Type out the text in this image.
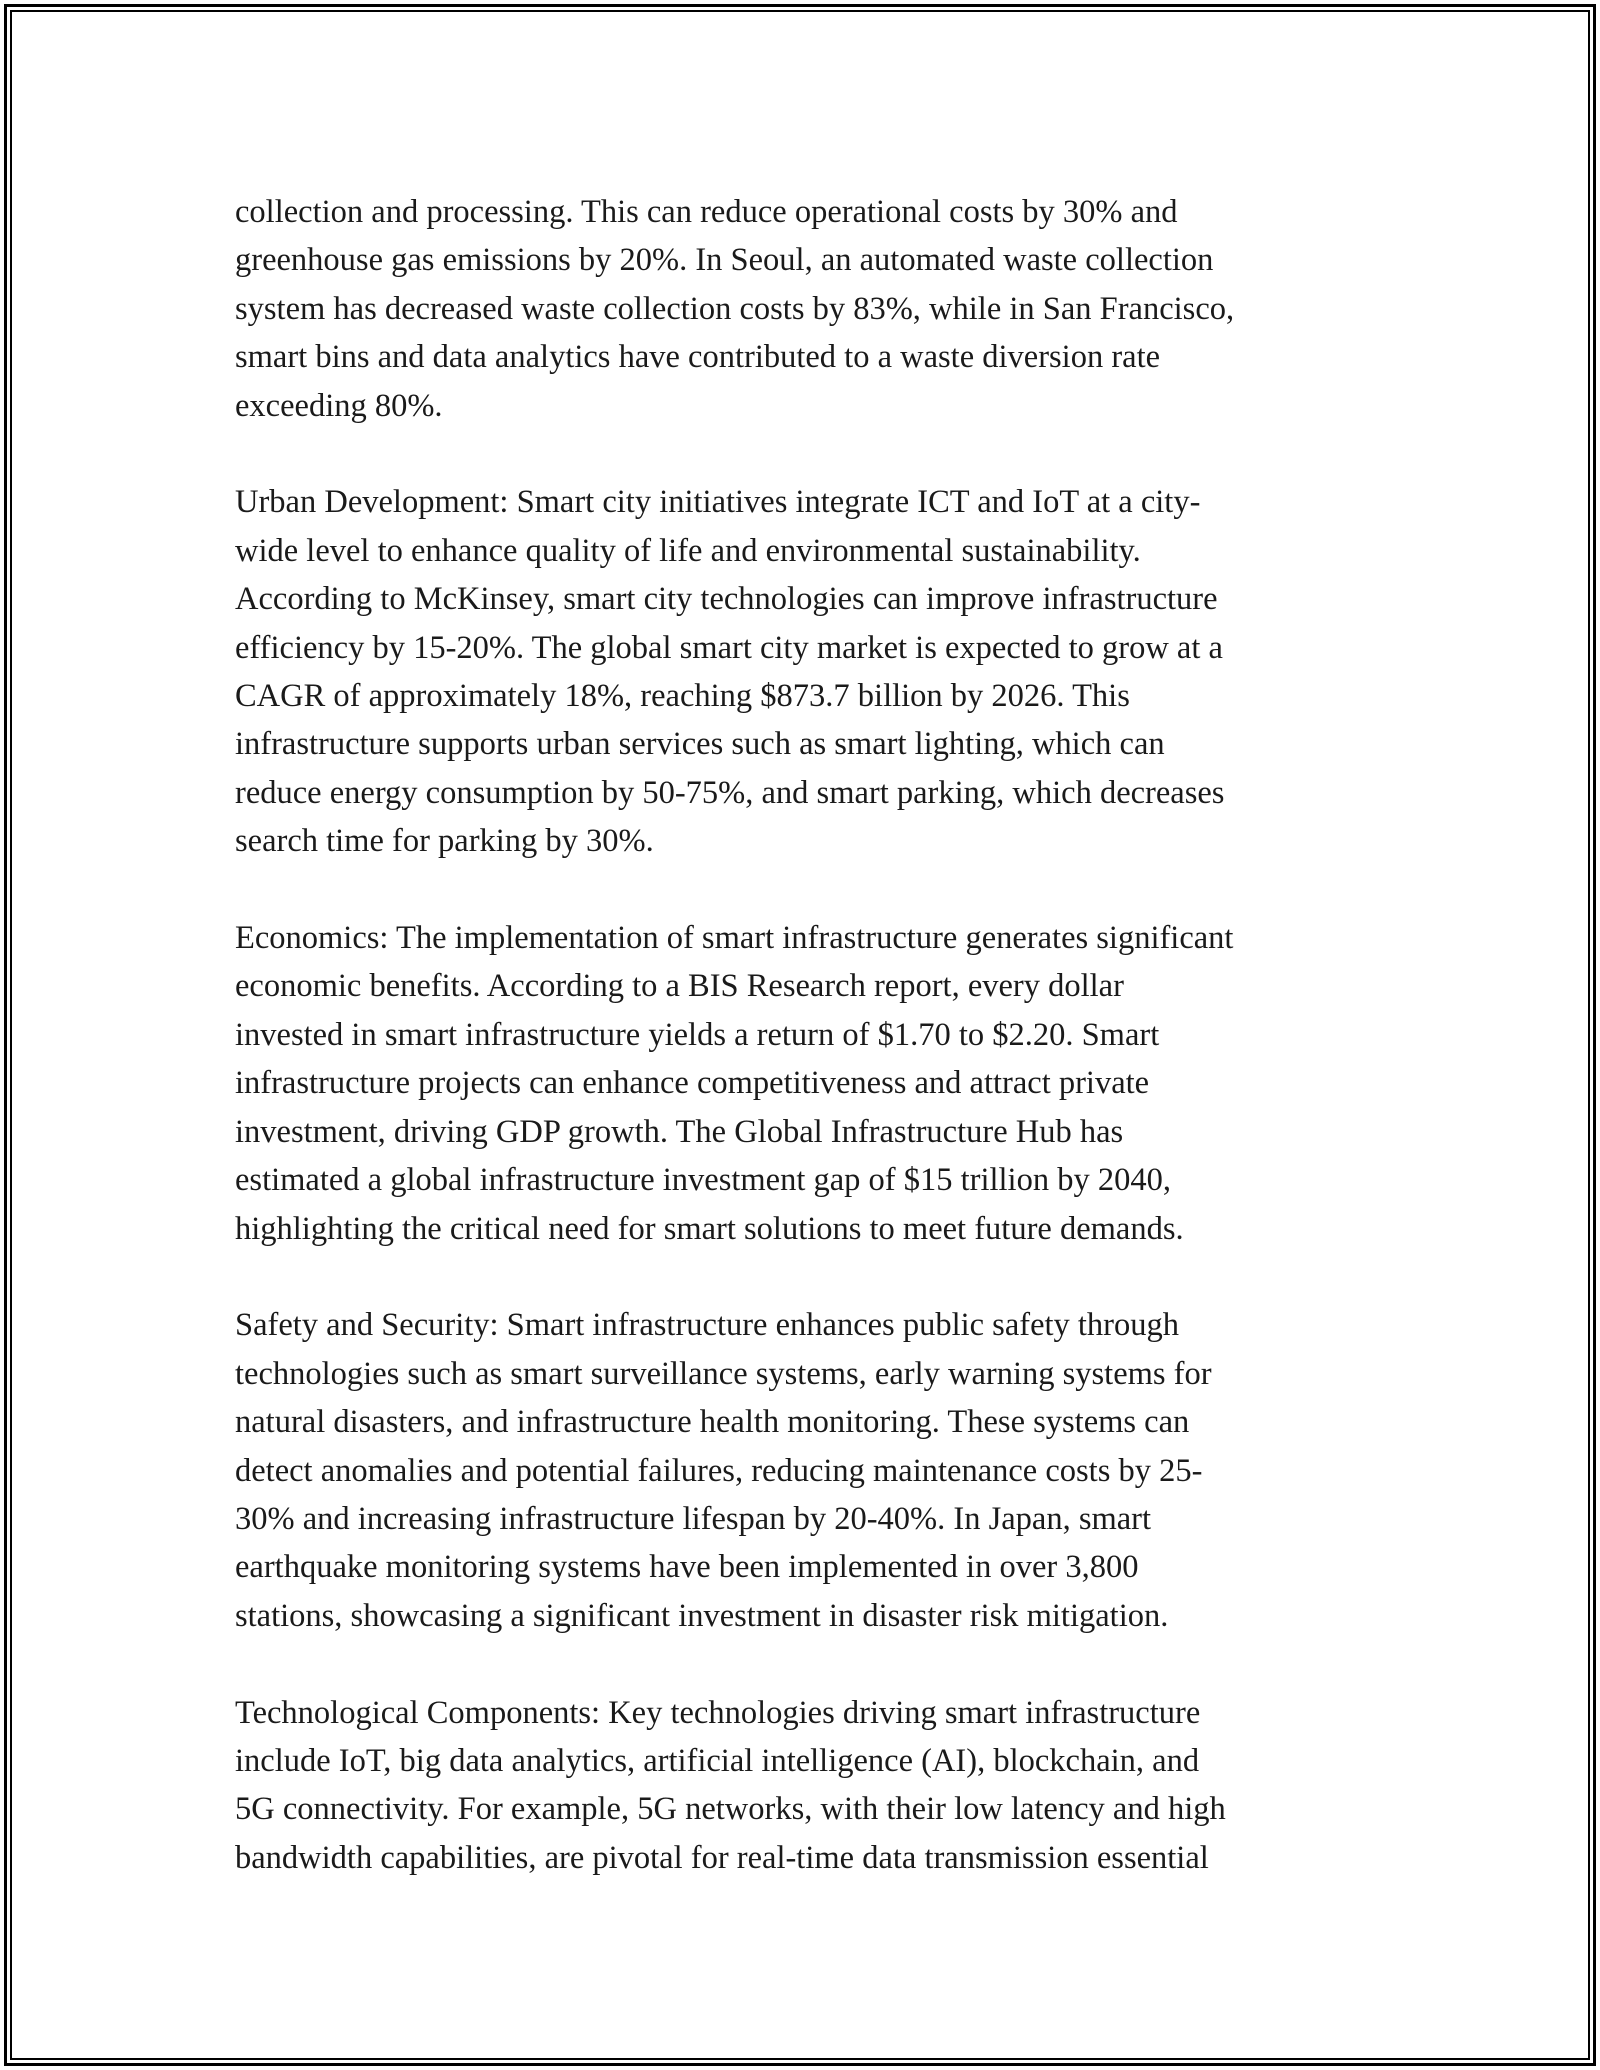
collection and processing. This can reduce operational costs by 30% and
greenhouse gas emissions by 20%. In Seoul, an automated waste collection
system has decreased waste collection costs by 83%, while in San Francisco,
smart bins and data analytics have contributed to a waste diversion rate
exceeding 80%.

Urban Development: Smart city initiatives integrate ICT and IoT at a city-
wide level to enhance quality of life and environmental sustainability.
According to McKinsey, smart city technologies can improve infrastructure
efficiency by 15-20%. The global smart city market is expected to grow at a
CAGR of approximately 18%, reaching $873.7 billion by 2026. This
infrastructure supports urban services such as smart lighting, which can
reduce energy consumption by 50-75%, and smart parking, which decreases
search time for parking by 30%.

Economics: The implementation of smart infrastructure generates significant
economic benefits. According to a BIS Research report, every dollar
invested in smart infrastructure yields a return of $1.70 to $2.20. Smart
infrastructure projects can enhance competitiveness and attract private
investment, driving GDP growth. The Global Infrastructure Hub has
estimated a global infrastructure investment gap of $15 trillion by 2040,
highlighting the critical need for smart solutions to meet future demands.

Safety and Security: Smart infrastructure enhances public safety through
technologies such as smart surveillance systems, early warning systems for
natural disasters, and infrastructure health monitoring. These systems can
detect anomalies and potential failures, reducing maintenance costs by 25-
30% and increasing infrastructure lifespan by 20-40%. In Japan, smart
earthquake monitoring systems have been implemented in over 3,800
stations, showcasing a significant investment in disaster risk mitigation.

Technological Components: Key technologies driving smart infrastructure
include IoT, big data analytics, artificial intelligence (AI), blockchain, and
5G connectivity. For example, 5G networks, with their low latency and high
bandwidth capabilities, are pivotal for real-time data transmission essential
